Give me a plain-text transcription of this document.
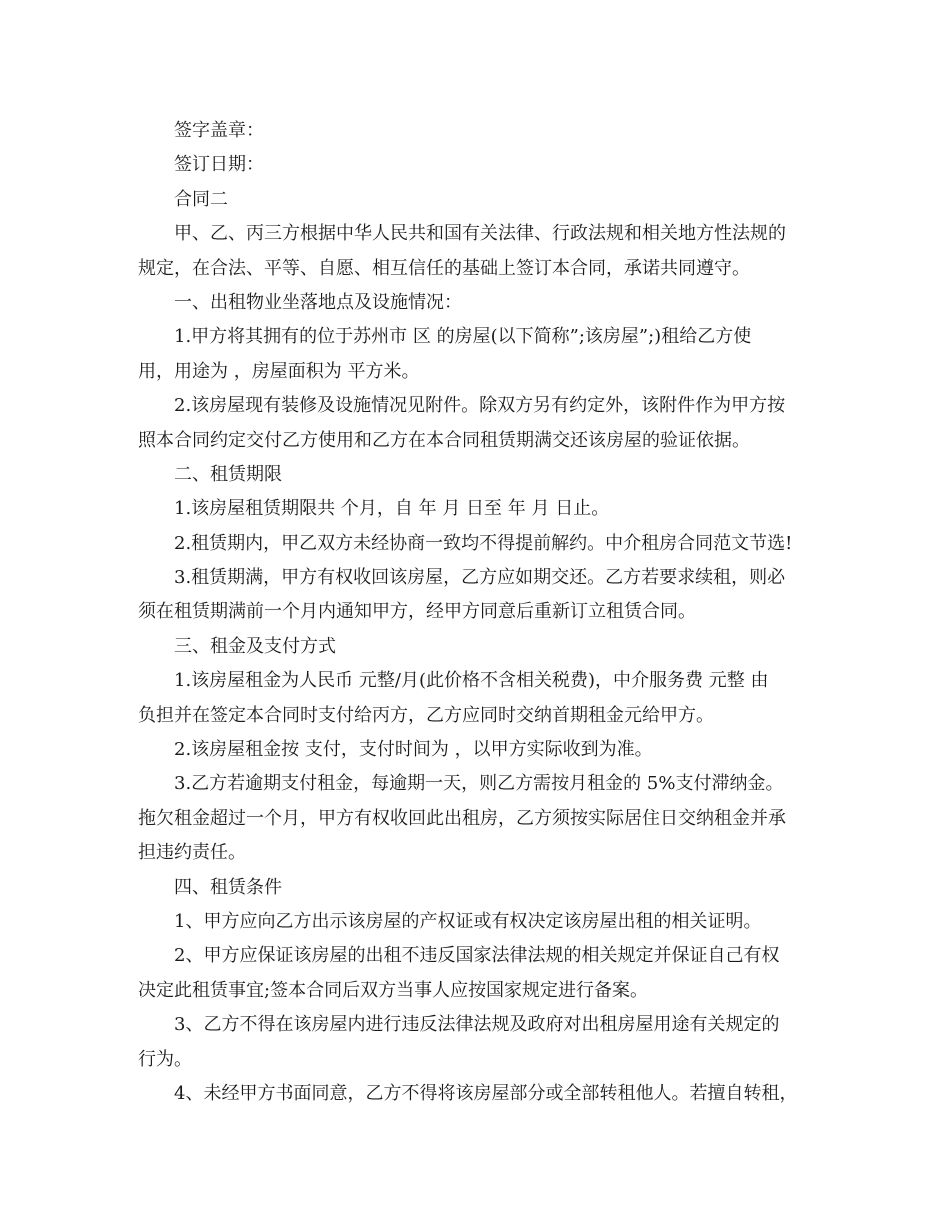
签字盖章：
签订日期：
合同二
甲、乙、丙三方根据中华人民共和国有关法律、行政法规和相关地方性法规的
规定，在合法、平等、自愿、相互信任的基础上签订本合同，承诺共同遵守。
一、出租物业坐落地点及设施情况：
1.甲方将其拥有的位于苏州市 区 的房屋(以下简称”;该房屋”;)租给乙方使
用，用途为 ，房屋面积为 平方米。
2.该房屋现有装修及设施情况见附件。除双方另有约定外，该附件作为甲方按
照本合同约定交付乙方使用和乙方在本合同租赁期满交还该房屋的验证依据。
二、租赁期限
1.该房屋租赁期限共 个月，自 年 月 日至 年 月 日止。
2.租赁期内，甲乙双方未经协商一致均不得提前解约。中介租房合同范文节选!
3.租赁期满，甲方有权收回该房屋，乙方应如期交还。乙方若要求续租，则必
须在租赁期满前一个月内通知甲方，经甲方同意后重新订立租赁合同。
三、租金及支付方式
1.该房屋租金为人民币 元整/月(此价格不含相关税费)，中介服务费 元整 由
负担并在签定本合同时支付给丙方，乙方应同时交纳首期租金元给甲方。
2.该房屋租金按 支付，支付时间为 ，以甲方实际收到为准。
3.乙方若逾期支付租金，每逾期一天，则乙方需按月租金的 5%支付滞纳金。
拖欠租金超过一个月，甲方有权收回此出租房，乙方须按实际居住日交纳租金并承
担违约责任。
四、租赁条件
1、甲方应向乙方出示该房屋的产权证或有权决定该房屋出租的相关证明。
2、甲方应保证该房屋的出租不违反国家法律法规的相关规定并保证自己有权
决定此租赁事宜;签本合同后双方当事人应按国家规定进行备案。
3、乙方不得在该房屋内进行违反法律法规及政府对出租房屋用途有关规定的
行为。
4、未经甲方书面同意，乙方不得将该房屋部分或全部转租他人。若擅自转租，
